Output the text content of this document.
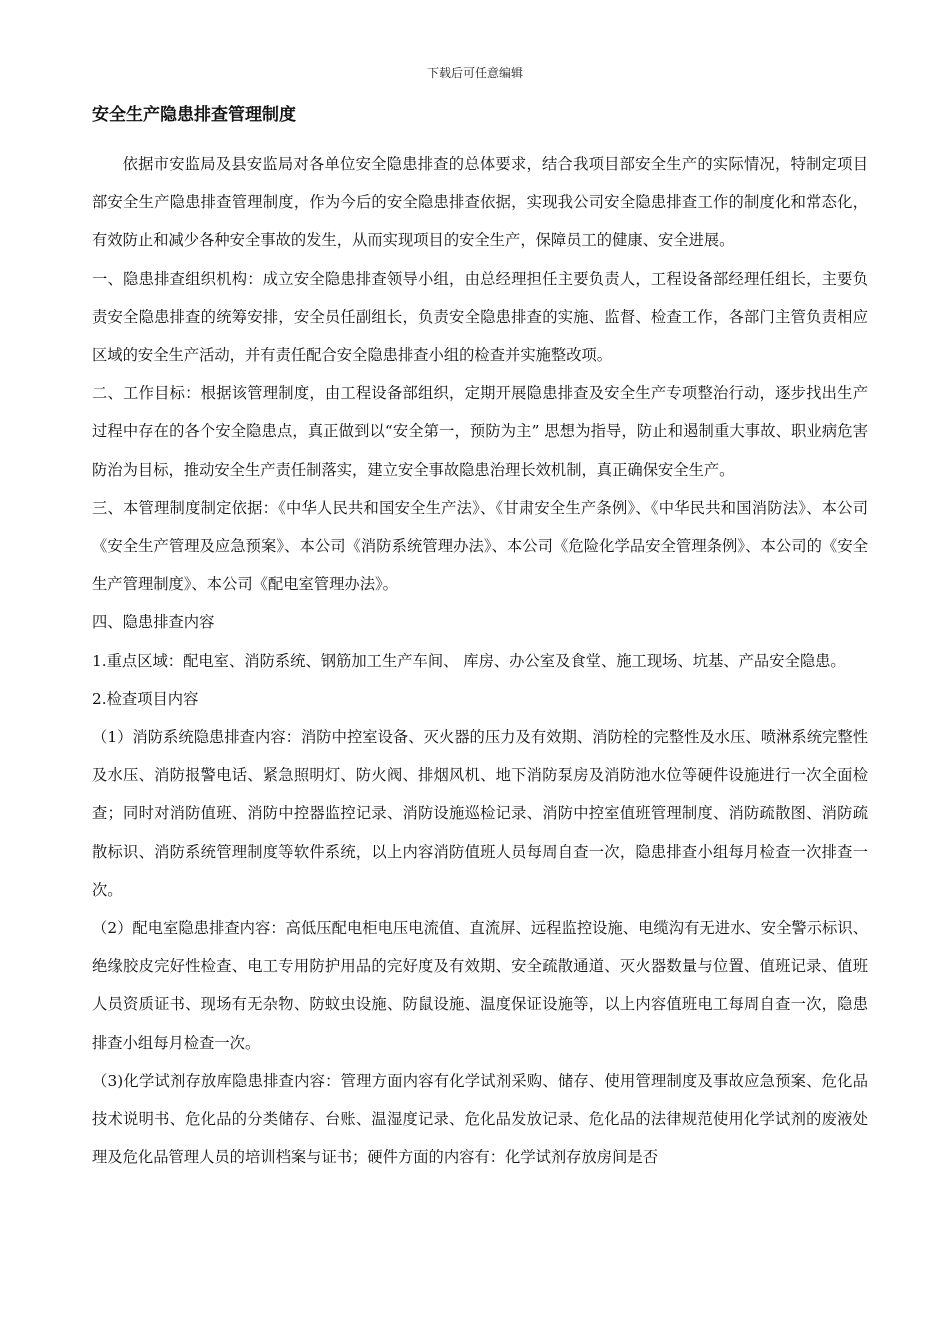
下载后可任意编辑
安全生产隐患排查管理制度

依据市安监局及县安监局对各单位安全隐患排查的总体要求，结合我项目部安全生产的实际情况，特制定项目部安全生产隐患排查管理制度，作为今后的安全隐患排查依据，实现我公司安全隐患排查工作的制度化和常态化，有效防止和减少各种安全事故的发生，从而实现项目的安全生产，保障员工的健康、安全进展。

一、隐患排查组织机构：成立安全隐患排查领导小组，由总经理担任主要负责人，工程设备部经理任组长，主要负责安全隐患排查的统筹安排，安全员任副组长，负责安全隐患排查的实施、监督、检查工作，各部门主管负责相应区域的安全生产活动，并有责任配合安全隐患排查小组的检查并实施整改项。

二、工作目标：根据该管理制度，由工程设备部组织，定期开展隐患排查及安全生产专项整治行动，逐步找出生产过程中存在的各个安全隐患点，真正做到以“安全第一，预防为主” 思想为指导，防止和遏制重大事故、职业病危害防治为目标，推动安全生产责任制落实，建立安全事故隐患治理长效机制，真正确保安全生产。

三、本管理制度制定依据：《中华人民共和国安全生产法》、《甘肃安全生产条例》、《中华民共和国消防法》、本公司《安全生产管理及应急预案》、本公司《消防系统管理办法》、本公司《危险化学品安全管理条例》、本公司的《安全生产管理制度》、本公司《配电室管理办法》。

四、隐患排查内容

1.重点区域：配电室、消防系统、钢筋加工生产车间、 库房、办公室及食堂、施工现场、坑基、产品安全隐患。

2.检查项目内容

（1）消防系统隐患排查内容：消防中控室设备、灭火器的压力及有效期、消防栓的完整性及水压、喷淋系统完整性及水压、消防报警电话、紧急照明灯、防火阀、排烟风机、地下消防泵房及消防池水位等硬件设施进行一次全面检查；同时对消防值班、消防中控器监控记录、消防设施巡检记录、消防中控室值班管理制度、消防疏散图、消防疏散标识、消防系统管理制度等软件系统，以上内容消防值班人员每周自查一次，隐患排查小组每月检查一次排查一次。

（2）配电室隐患排查内容：高低压配电柜电压电流值、直流屏、远程监控设施、电缆沟有无进水、安全警示标识、绝缘胶皮完好性检查、电工专用防护用品的完好度及有效期、安全疏散通道、灭火器数量与位置、值班记录、值班人员资质证书、现场有无杂物、防蚊虫设施、防鼠设施、温度保证设施等，以上内容值班电工每周自查一次，隐患排查小组每月检查一次。

（3)化学试剂存放库隐患排查内容：管理方面内容有化学试剂采购、储存、使用管理制度及事故应急预案、危化品技术说明书、危化品的分类储存、台账、温湿度记录、危化品发放记录、危化品的法律规范使用化学试剂的废液处理及危化品管理人员的培训档案与证书；硬件方面的内容有：化学试剂存放房间是否
